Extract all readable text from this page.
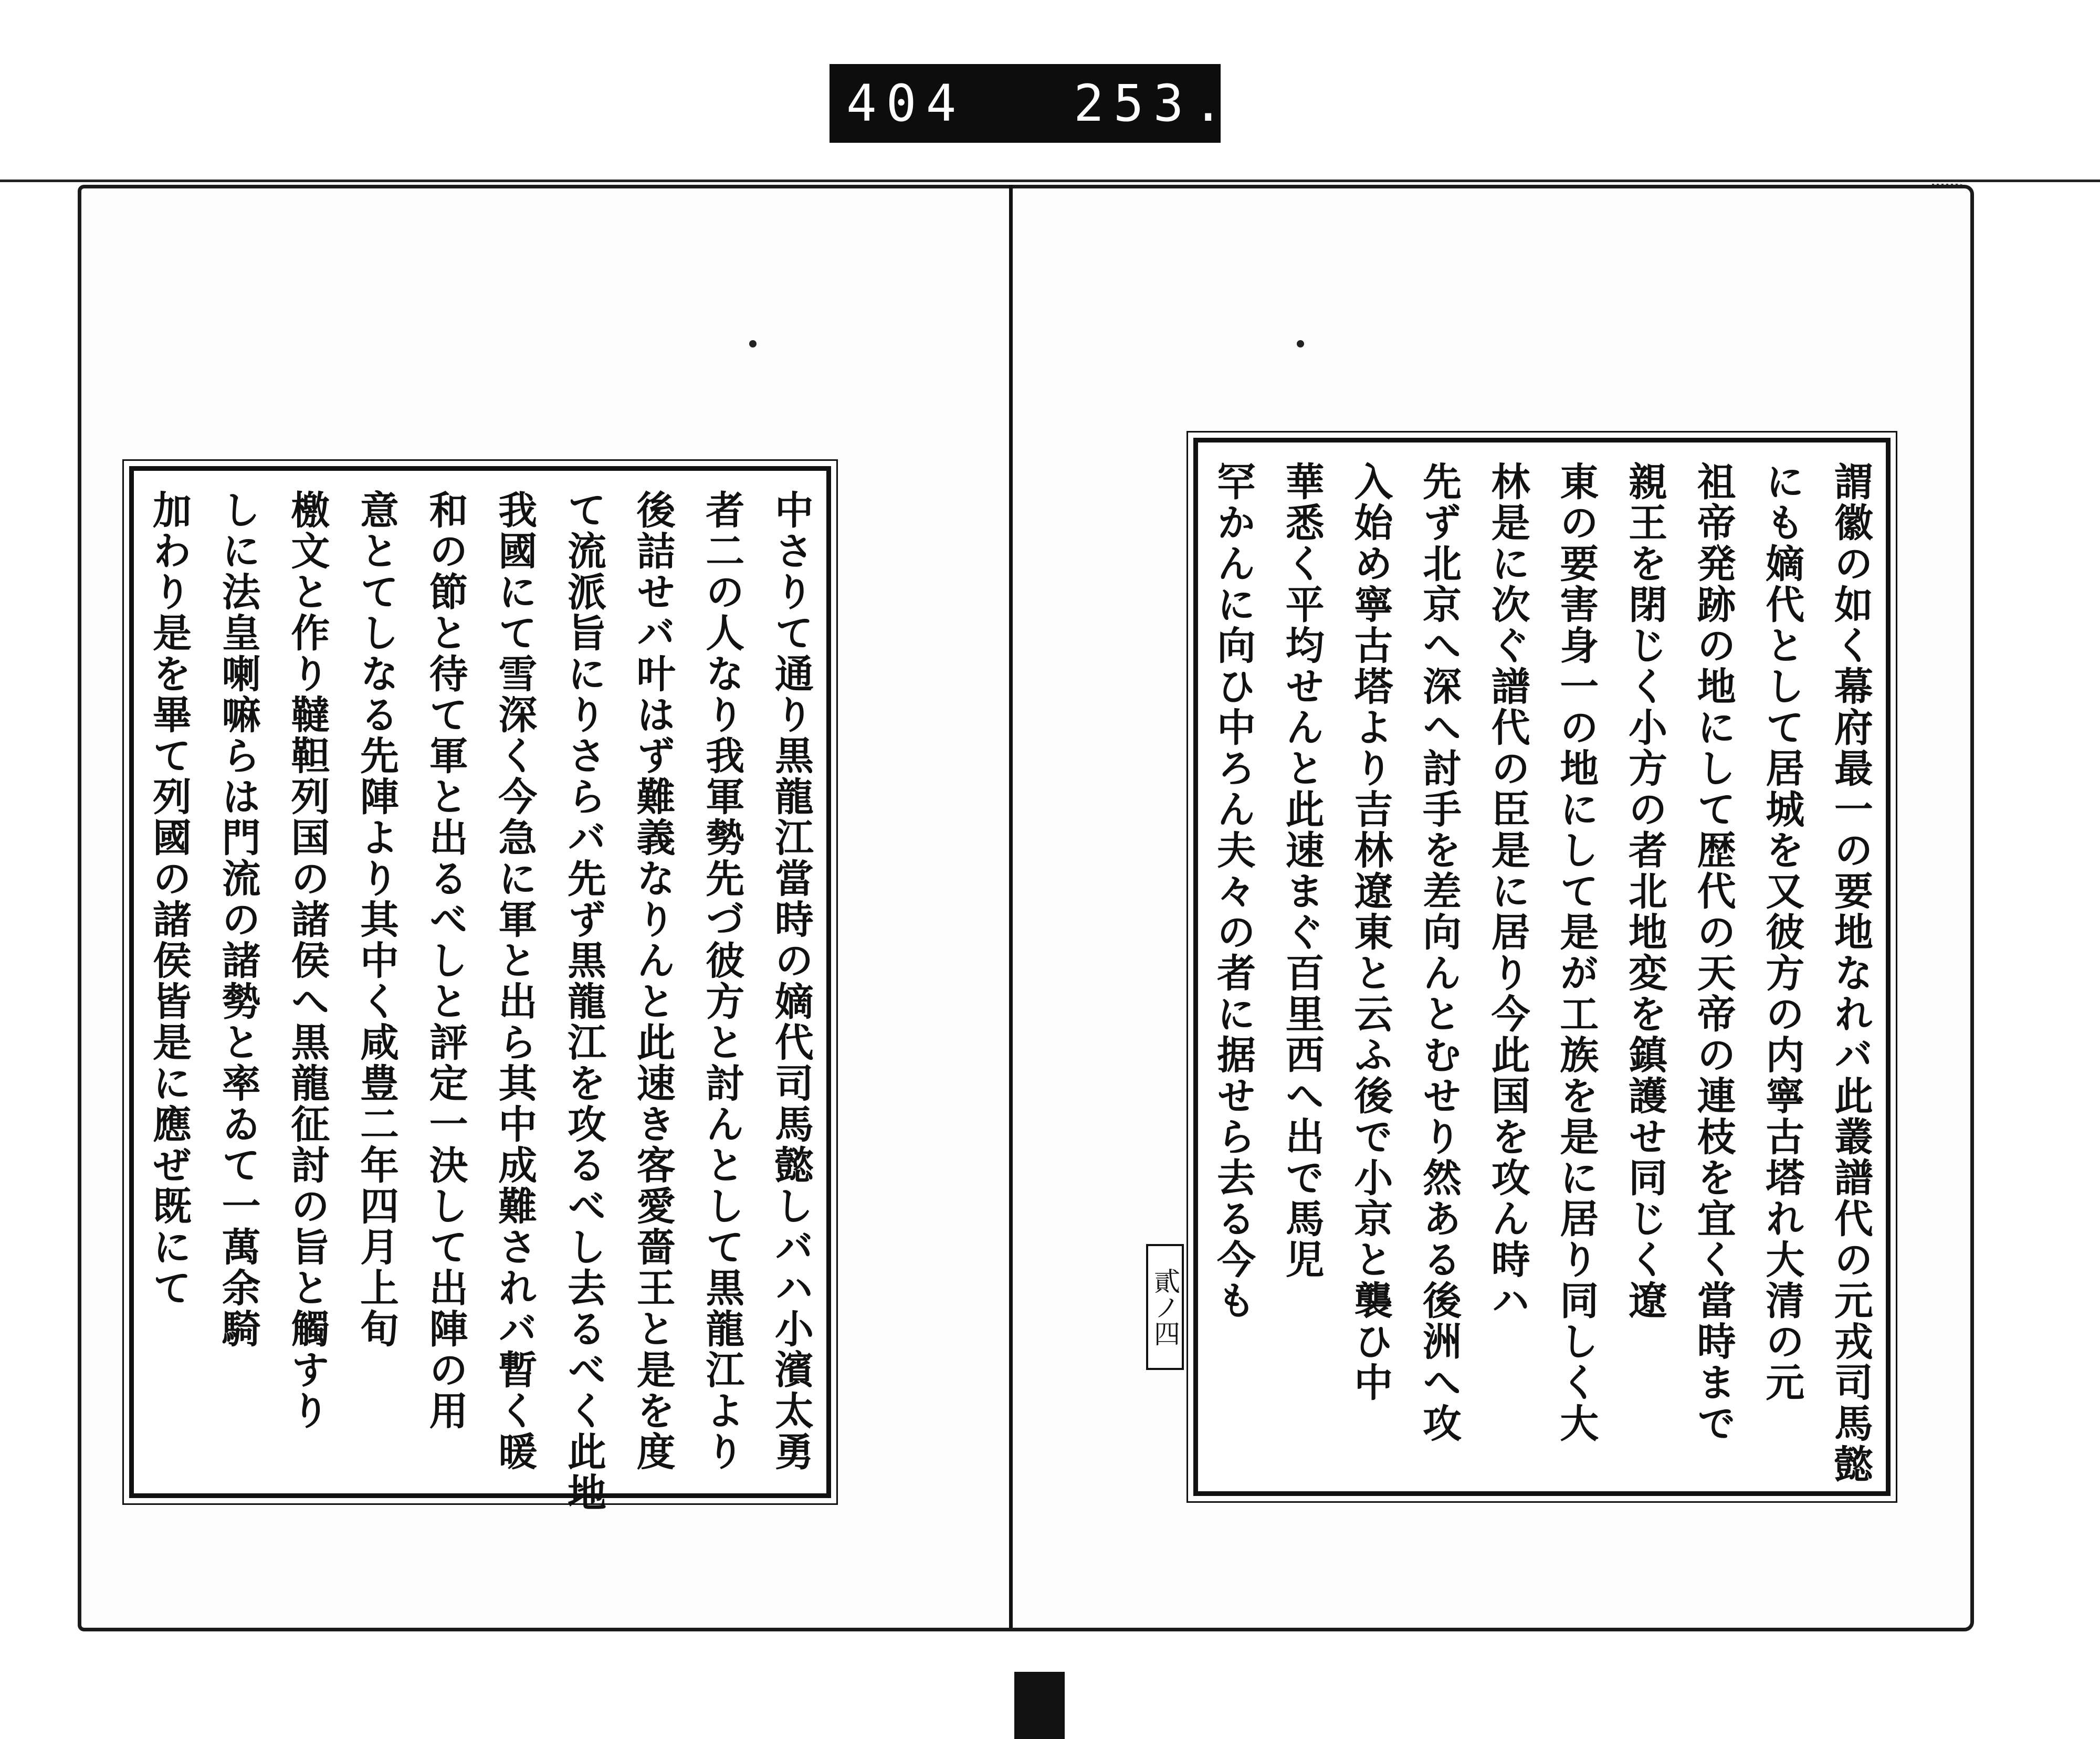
404 253.
中さりて通り黒龍江當時の嫡代司馬懿しバハ小濱太勇
者二の人なり我軍勢先づ彼方と討んとして黒龍江より
後詰せバ叶はず難義なりんと此速き客愛嗇王と是を度
て流派旨にりさらバ先ず黒龍江を攻るべし去るべく此地
我國にて雪深く今急に軍と出ら其中成難されバ暫く暖
和の節と待て軍と出るべしと評定一決して出陣の用
意とてしなる先陣より其中く咸豊二年四月上旬
檄文と作り韃靼列国の諸侯へ黒龍征討の旨と觸すり
しに法皇喇嘛らは門流の諸勢と率ゐて一萬余騎
加わり是を畢て列國の諸侯皆是に應ぜ既にて	謂徽の如く幕府最一の要地なれバ此叢譜代の元戎司馬懿
にも嫡代として居城を又彼方の内寧古塔れ大清の元
祖帝発跡の地にして歴代の天帝の連枝を宜く當時まで
親王を閉じく小方の者北地変を鎮護せ同じく遼
東の要害身一の地にして是が工族を是に居り同しく大
林是に次ぐ譜代の臣是に居り今此国を攻ん時ハ
先ず北京へ深へ討手を差向んとむせり然ある後洲へ攻
入始め寧古塔より吉林遼東と云ふ後で小京と襲ひ中
華悉く平均せんと此速まぐ百里西へ出で馬児
罕かんに向ひ中ろん夫々の者に据せら去る今も
貳ノ四
